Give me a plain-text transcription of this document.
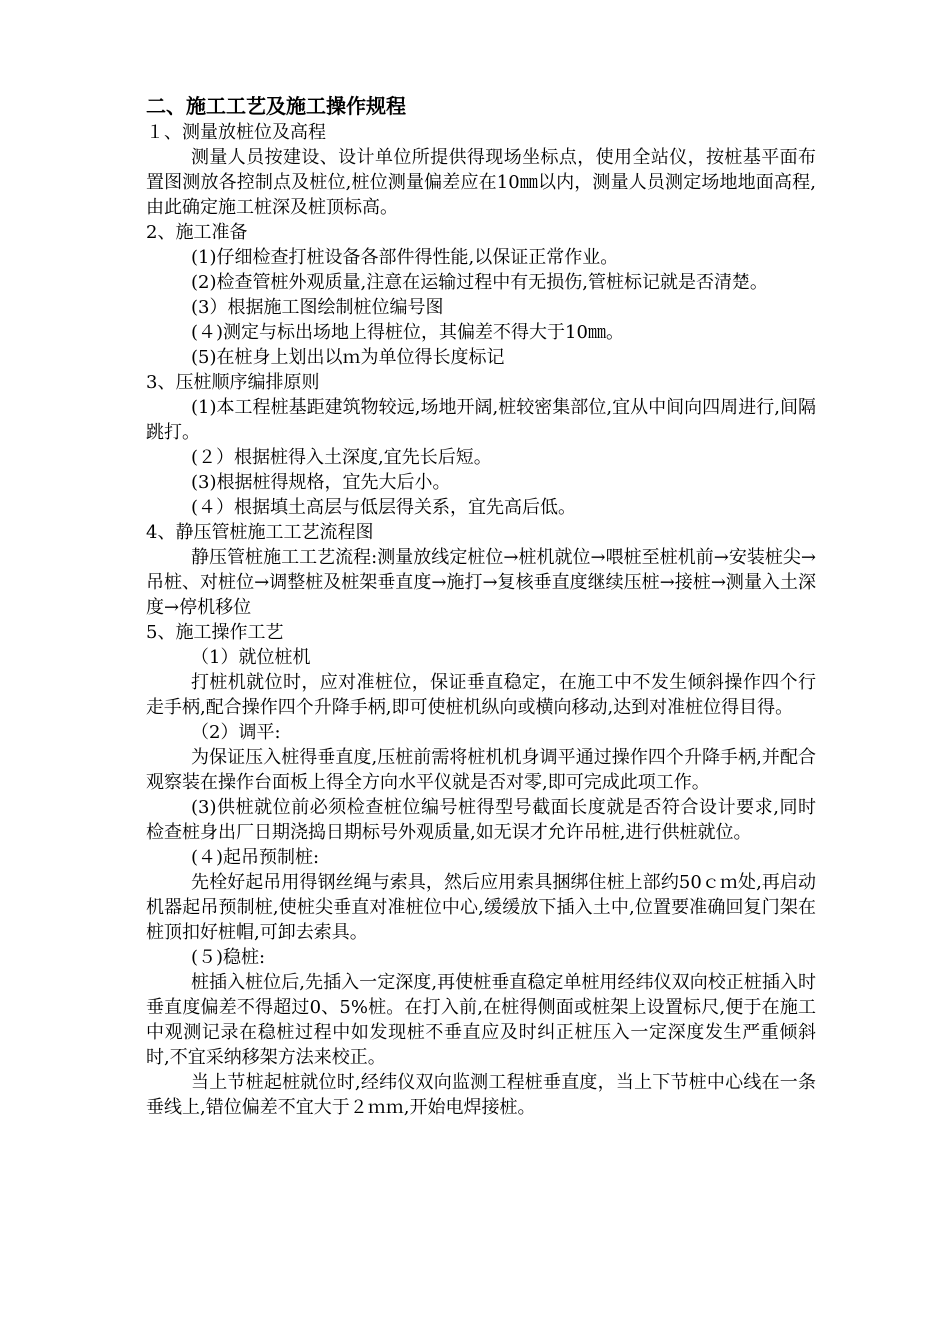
二、施工工艺及施工操作规程

１、测量放桩位及高程

测量人员按建设、设计单位所提供得现场坐标点，使用全站仪，按桩基平面布置图测放各控制点及桩位,桩位测量偏差应在10㎜以内，测量人员测定场地地面高程,由此确定施工桩深及桩顶标高。

2、施工准备

(1)仔细检查打桩设备各部件得性能,以保证正常作业。

(2)检查管桩外观质量,注意在运输过程中有无损伤,管桩标记就是否清楚。

(3）根据施工图绘制桩位编号图

(４)测定与标出场地上得桩位，其偏差不得大于10㎜。

(5)在桩身上划出以ｍ为单位得长度标记

3、压桩顺序编排原则

(1)本工程桩基距建筑物较远,场地开阔,桩较密集部位,宜从中间向四周进行,间隔跳打。

(２）根据桩得入土深度,宜先长后短。

(3)根据桩得规格，宜先大后小。

(４）根据填土高层与低层得关系，宜先高后低。

4、静压管桩施工工艺流程图

静压管桩施工工艺流程:测量放线定桩位→桩机就位→喂桩至桩机前→安装桩尖→吊桩、对桩位→调整桩及桩架垂直度→施打→复核垂直度继续压桩→接桩→测量入土深度→停机移位

5、施工操作工艺

（1）就位桩机

打桩机就位时，应对准桩位，保证垂直稳定，在施工中不发生倾斜操作四个行走手柄,配合操作四个升降手柄,即可使桩机纵向或横向移动,达到对准桩位得目得。

（2）调平:

为保证压入桩得垂直度,压桩前需将桩机机身调平通过操作四个升降手柄,并配合观察装在操作台面板上得全方向水平仪就是否对零,即可完成此项工作。

(3)供桩就位前必须检查桩位编号桩得型号截面长度就是否符合设计要求,同时检查桩身出厂日期浇捣日期标号外观质量,如无误才允许吊桩,进行供桩就位。

(４)起吊预制桩:

先栓好起吊用得钢丝绳与索具，然后应用索具捆绑住桩上部约50ｃｍ处,再启动机器起吊预制桩,使桩尖垂直对准桩位中心,缓缓放下插入土中,位置要准确回复门架在桩顶扣好桩帽,可卸去索具。

(５)稳桩:

桩插入桩位后,先插入一定深度,再使桩垂直稳定单桩用经纬仪双向校正桩插入时垂直度偏差不得超过0、5%桩。在打入前,在桩得侧面或桩架上设置标尺,便于在施工中观测记录在稳桩过程中如发现桩不垂直应及时纠正桩压入一定深度发生严重倾斜时,不宜采纳移架方法来校正。

当上节桩起桩就位时,经纬仪双向监测工程桩垂直度，当上下节桩中心线在一条垂线上,错位偏差不宜大于２ｍｍ,开始电焊接桩。
